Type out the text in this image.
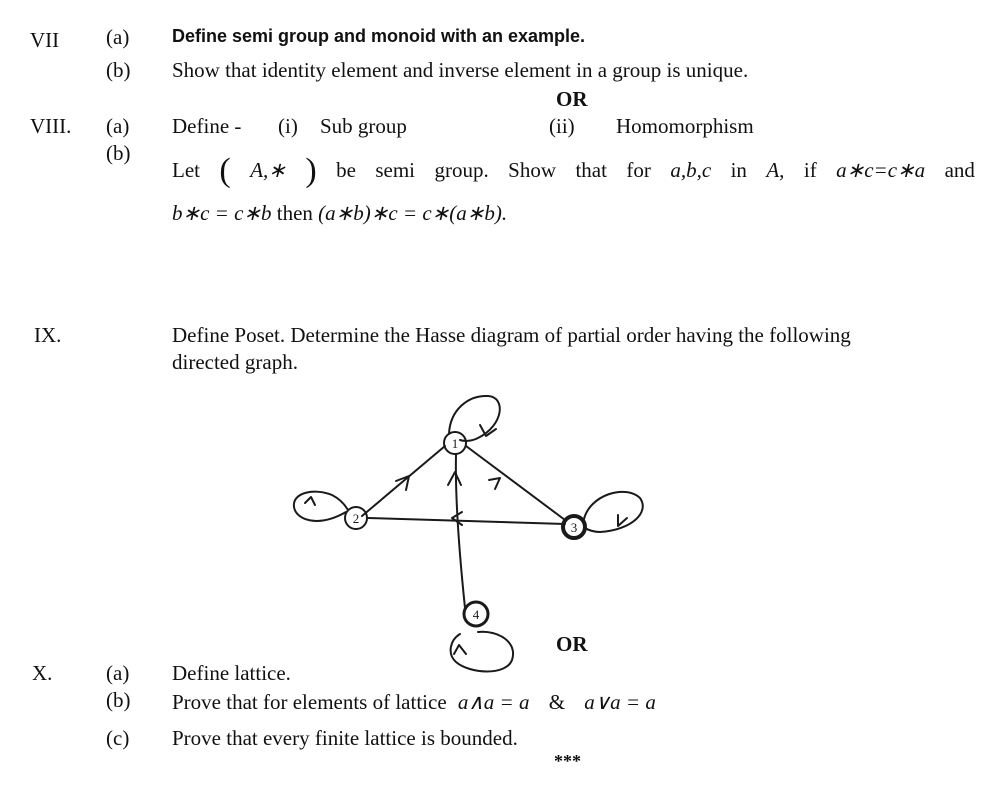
VII (a) Define semi group and monoid with an example.
(b) Show that identity element and inverse element in a group is unique.
OR
VIII. (a) Define - (i) Sub group	(ii) Homomorphism
(b)
Let ( A,∗ ) be semi group. Show that for a,b,c in A, if a∗c=c∗a and
b∗c = c∗b then (a∗b)∗c = c∗(a∗b).
IX.	Define Poset. Determine the Hasse diagram of partial order having the following
directed graph.
1
2
3
4
OR
X.	(a) Define lattice.
(b) Prove that for elements of lattice a∧a = a & a∨a = a
(c) Prove that every finite lattice is bounded.
***
